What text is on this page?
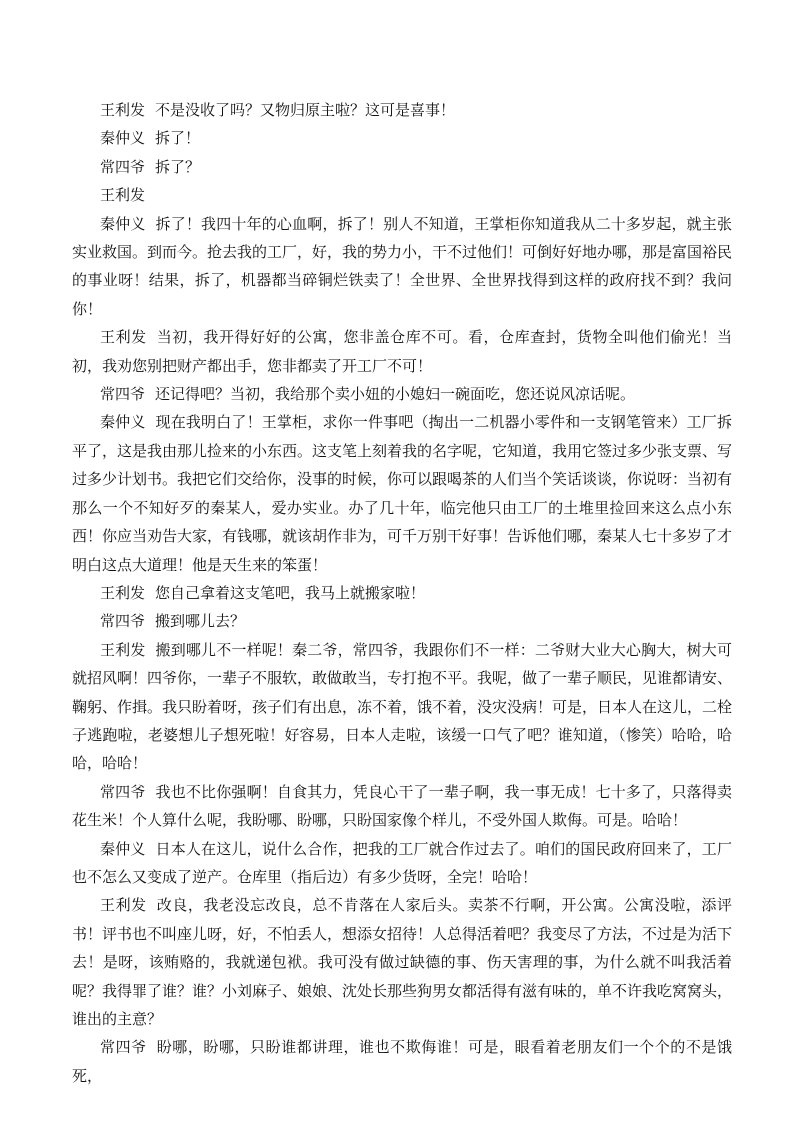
王利发 不是没收了吗？又物归原主啦？这可是喜事！

秦仲义 拆了！

常四爷 拆了？

王利发

秦仲义 拆了！我四十年的心血啊，拆了！别人不知道，王掌柜你知道我从二十多岁起，就主张实业救国。到而今。抢去我的工厂，好，我的势力小，干不过他们！可倒好好地办哪，那是富国裕民的事业呀！结果，拆了，机器都当碎铜烂铁卖了！全世界、全世界找得到这样的政府找不到？我问你！

王利发 当初，我开得好好的公寓，您非盖仓库不可。看，仓库查封，货物全叫他们偷光！当初，我劝您别把财产都出手，您非都卖了开工厂不可！

常四爷 还记得吧？当初，我给那个卖小妞的小媳妇一碗面吃，您还说风凉话呢。

秦仲义 现在我明白了！王掌柜，求你一件事吧（掏出一二机器小零件和一支钢笔管来）工厂拆平了，这是我由那儿捡来的小东西。这支笔上刻着我的名字呢，它知道，我用它签过多少张支票、写过多少计划书。我把它们交给你，没事的时候，你可以跟喝茶的人们当个笑话谈谈，你说呀：当初有那么一个不知好歹的秦某人，爱办实业。办了几十年，临完他只由工厂的土堆里捡回来这么点小东西！你应当劝告大家，有钱哪，就该胡作非为，可千万别干好事！告诉他们哪，秦某人七十多岁了才明白这点大道理！他是天生来的笨蛋！

王利发 您自己拿着这支笔吧，我马上就搬家啦！

常四爷 搬到哪儿去？

王利发 搬到哪儿不一样呢！秦二爷，常四爷，我跟你们不一样：二爷财大业大心胸大，树大可就招风啊！四爷你，一辈子不服软，敢做敢当，专打抱不平。我呢，做了一辈子顺民，见谁都请安、鞠躬、作揖。我只盼着呀，孩子们有出息，冻不着，饿不着，没灾没病！可是，日本人在这儿，二栓子逃跑啦，老婆想儿子想死啦！好容易，日本人走啦，该缓一口气了吧？谁知道，（惨笑）哈哈，哈哈，哈哈！

常四爷 我也不比你强啊！自食其力，凭良心干了一辈子啊，我一事无成！七十多了，只落得卖花生米！个人算什么呢，我盼哪、盼哪，只盼国家像个样儿，不受外国人欺侮。可是。哈哈！

秦仲义 日本人在这儿，说什么合作，把我的工厂就合作过去了。咱们的国民政府回来了，工厂也不怎么又变成了逆产。仓库里（指后边）有多少货呀，全完！哈哈！

王利发 改良，我老没忘改良，总不肯落在人家后头。卖茶不行啊，开公寓。公寓没啦，添评书！评书也不叫座儿呀，好，不怕丢人，想添女招待！人总得活着吧？我变尽了方法，不过是为活下去！是呀，该贿赂的，我就递包袱。我可没有做过缺德的事、伤天害理的事，为什么就不叫我活着呢？我得罪了谁？谁？小刘麻子、娘娘、沈处长那些狗男女都活得有滋有味的，单不许我吃窝窝头，谁出的主意？

常四爷 盼哪，盼哪，只盼谁都讲理，谁也不欺侮谁！可是，眼看着老朋友们一个个的不是饿死，
